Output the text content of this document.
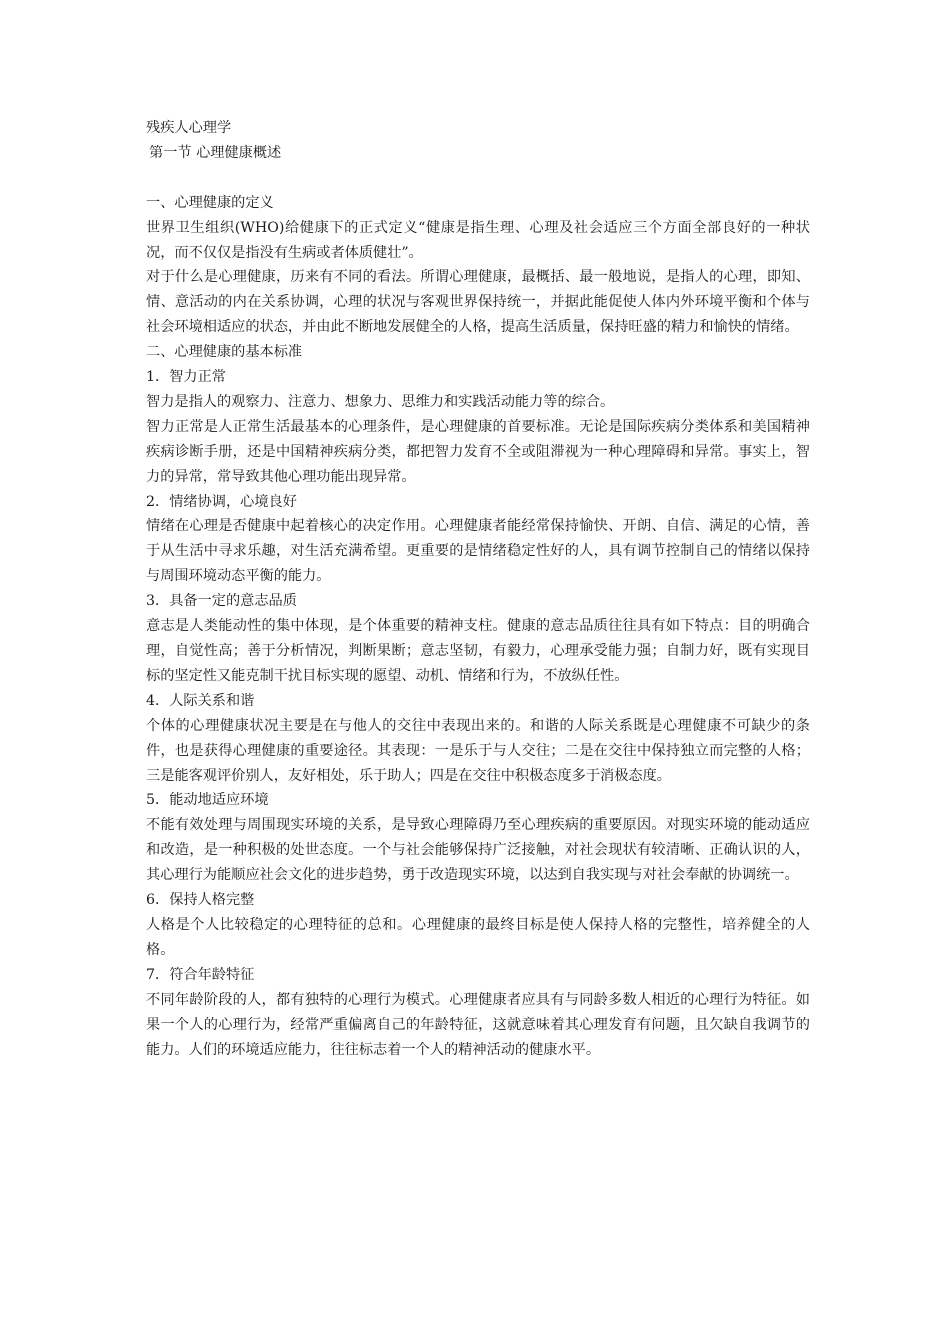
残疾人心理学

第一节 心理健康概述

一、心理健康的定义

世界卫生组织(WHO)给健康下的正式定义“健康是指生理、心理及社会适应三个方面全部良好的一种状况，而不仅仅是指没有生病或者体质健壮”。

对于什么是心理健康，历来有不同的看法。所谓心理健康，最概括、最一般地说，是指人的心理，即知、情、意活动的内在关系协调，心理的状况与客观世界保持统一，并据此能促使人体内外环境平衡和个体与社会环境相适应的状态，并由此不断地发展健全的人格，提高生活质量，保持旺盛的精力和愉快的情绪。

二、心理健康的基本标准

1．智力正常

智力是指人的观察力、注意力、想象力、思维力和实践活动能力等的综合。

智力正常是人正常生活最基本的心理条件，是心理健康的首要标准。无论是国际疾病分类体系和美国精神疾病诊断手册，还是中国精神疾病分类，都把智力发育不全或阻滞视为一种心理障碍和异常。事实上，智力的异常，常导致其他心理功能出现异常。

2．情绪协调，心境良好

情绪在心理是否健康中起着核心的决定作用。心理健康者能经常保持愉快、开朗、自信、满足的心情，善于从生活中寻求乐趣，对生活充满希望。更重要的是情绪稳定性好的人，具有调节控制自己的情绪以保持与周围环境动态平衡的能力。

3．具备一定的意志品质

意志是人类能动性的集中体现，是个体重要的精神支柱。健康的意志品质往往具有如下特点：目的明确合理，自觉性高；善于分析情况，判断果断；意志坚韧，有毅力，心理承受能力强；自制力好，既有实现目标的坚定性又能克制干扰目标实现的愿望、动机、情绪和行为，不放纵任性。

4．人际关系和谐

个体的心理健康状况主要是在与他人的交往中表现出来的。和谐的人际关系既是心理健康不可缺少的条件，也是获得心理健康的重要途径。其表现：一是乐于与人交往；二是在交往中保持独立而完整的人格；三是能客观评价别人，友好相处，乐于助人；四是在交往中积极态度多于消极态度。

5．能动地适应环境

不能有效处理与周围现实环境的关系，是导致心理障碍乃至心理疾病的重要原因。对现实环境的能动适应和改造，是一种积极的处世态度。一个与社会能够保持广泛接触，对社会现状有较清晰、正确认识的人，其心理行为能顺应社会文化的进步趋势，勇于改造现实环境，以达到自我实现与对社会奉献的协调统一。

6．保持人格完整

人格是个人比较稳定的心理特征的总和。心理健康的最终目标是使人保持人格的完整性，培养健全的人格。

7．符合年龄特征

不同年龄阶段的人，都有独特的心理行为模式。心理健康者应具有与同龄多数人相近的心理行为特征。如果一个人的心理行为，经常严重偏离自己的年龄特征，这就意味着其心理发育有问题，且欠缺自我调节的能力。人们的环境适应能力，往往标志着一个人的精神活动的健康水平。
